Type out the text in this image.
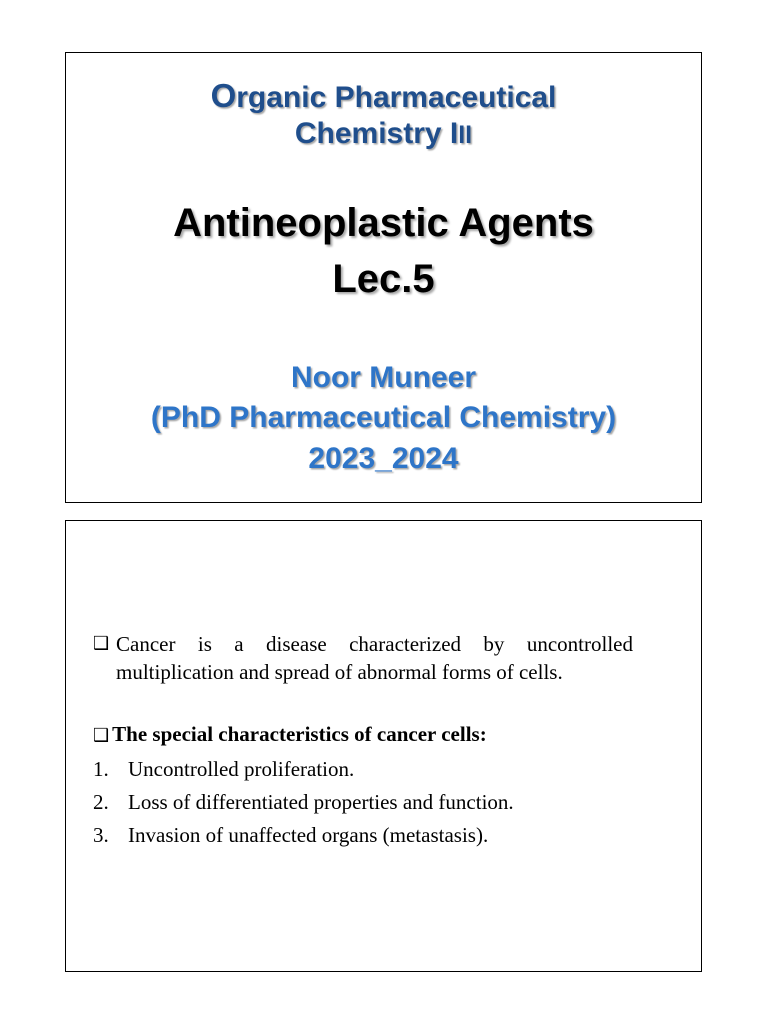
Organic Pharmaceutical
Chemistry III
Antineoplastic Agents
Lec.5
Noor Muneer
(PhD Pharmaceutical Chemistry)
2023_2024
❑ Cancer is a disease characterized by uncontrolled multiplication and spread of abnormal forms of cells.
❑ The special characteristics of cancer cells:
1. Uncontrolled proliferation.
2. Loss of differentiated properties and function.
3. Invasion of unaffected organs (metastasis).
